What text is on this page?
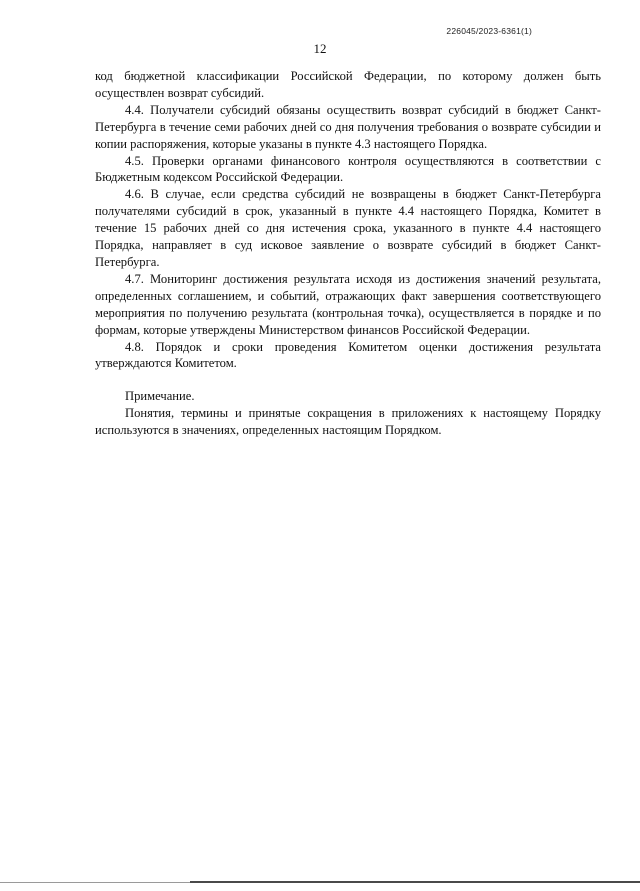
226045/2023-6361(1)
12

код бюджетной классификации Российской Федерации, по которому должен быть осуществлен возврат субсидий.

4.4. Получатели субсидий обязаны осуществить возврат субсидий в бюджет Санкт-Петербурга в течение семи рабочих дней со дня получения требования о возврате субсидии и копии распоряжения, которые указаны в пункте 4.3 настоящего Порядка.

4.5. Проверки органами финансового контроля осуществляются в соответствии с Бюджетным кодексом Российской Федерации.

4.6. В случае, если средства субсидий не возвращены в бюджет Санкт-Петербурга получателями субсидий в срок, указанный в пункте 4.4 настоящего Порядка, Комитет в течение 15 рабочих дней со дня истечения срока, указанного в пункте 4.4 настоящего Порядка, направляет в суд исковое заявление о возврате субсидий в бюджет Санкт-Петербурга.

4.7. Мониторинг достижения результата исходя из достижения значений результата, определенных соглашением, и событий, отражающих факт завершения соответствующего мероприятия по получению результата (контрольная точка), осуществляется в порядке и по формам, которые утверждены Министерством финансов Российской Федерации.

4.8. Порядок и сроки проведения Комитетом оценки достижения результата утверждаются Комитетом.

Примечание.

Понятия, термины и принятые сокращения в приложениях к настоящему Порядку используются в значениях, определенных настоящим Порядком.
